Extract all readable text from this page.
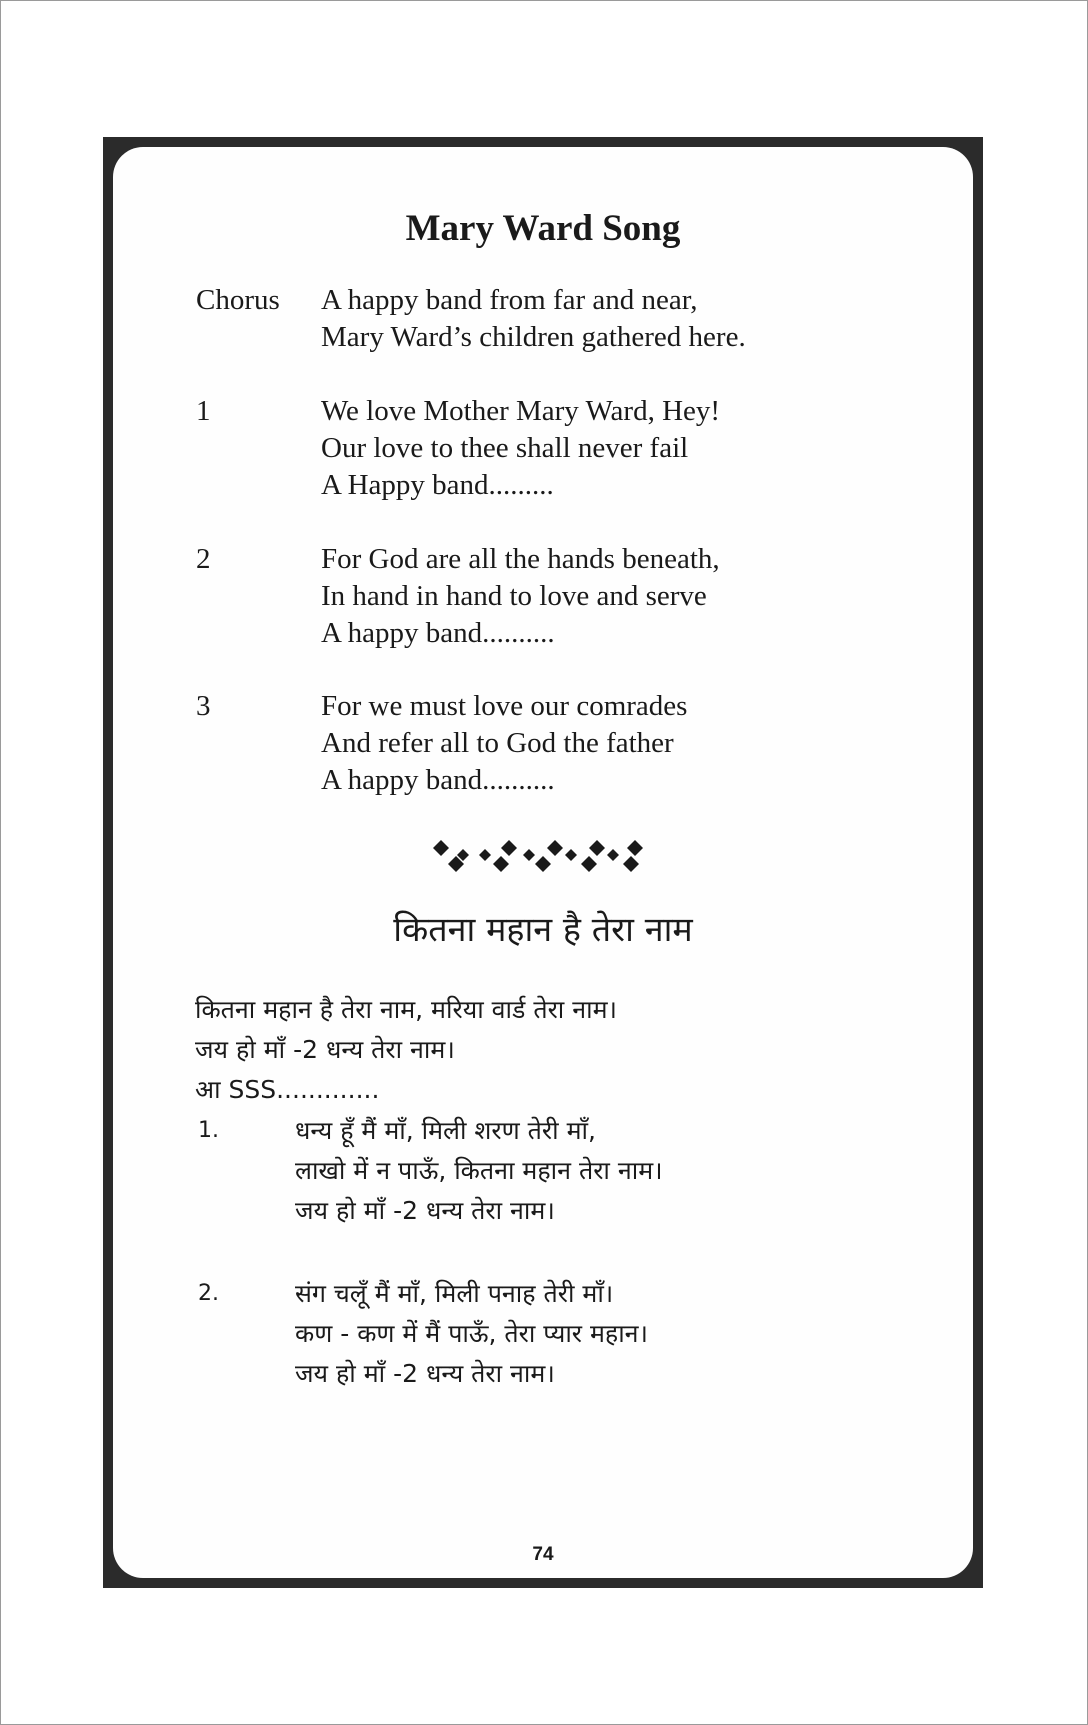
Mary Ward Song
Chorus	A happy band from far and near,
Mary Ward’s children gathered here.
1	We love Mother Mary Ward, Hey!
Our love to thee shall never fail
A Happy band.........
2	For God are all the hands beneath,
In hand in hand to love and serve
A happy band..........
3	For we must love our comrades
And refer all to God the father
A happy band..........
कितना महान है तेरा नाम
कितना महान है तेरा नाम, मरिया वार्ड तेरा नाम।
जय हो माँ -2 धन्य तेरा नाम।
आ SSS.............
1.	धन्य हूँ मैं माँ, मिली शरण तेरी माँ,
लाखो में न पाऊँ, कितना महान तेरा नाम।
जय हो माँ -2 धन्य तेरा नाम।
2.	संग चलूँ मैं माँ, मिली पनाह तेरी माँ।
कण - कण में मैं पाऊँ, तेरा प्यार महान।
जय हो माँ -2 धन्य तेरा नाम।
74
